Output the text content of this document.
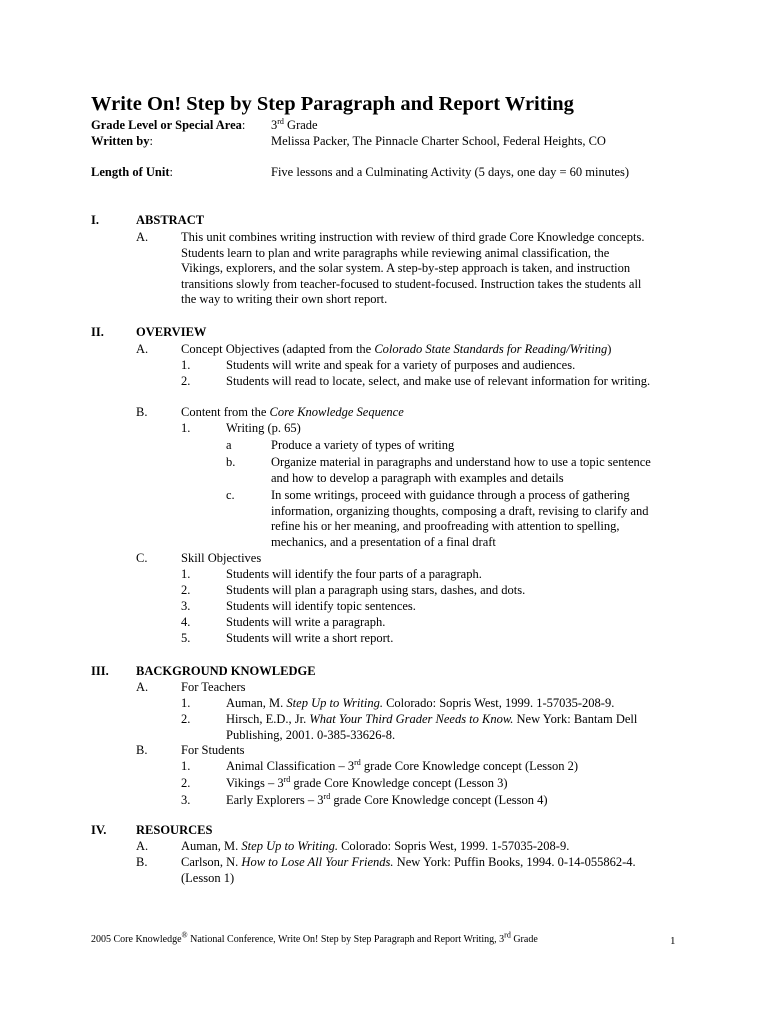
Write On! Step by Step Paragraph and Report Writing
Grade Level or Special Area: 3rd Grade
Written by:	Melissa Packer, The Pinnacle Charter School, Federal Heights, CO
Length of Unit:	Five lessons and a Culminating Activity (5 days, one day = 60 minutes)
I.	ABSTRACT
A.	This unit combines writing instruction with review of third grade Core Knowledge concepts. Students learn to plan and write paragraphs while reviewing animal classification, the Vikings, explorers, and the solar system. A step-by-step approach is taken, and instruction transitions slowly from teacher-focused to student-focused. Instruction takes the students all the way to writing their own short report.
II.	OVERVIEW
A.	Concept Objectives (adapted from the Colorado State Standards for Reading/Writing)
1.	Students will write and speak for a variety of purposes and audiences.
2.	Students will read to locate, select, and make use of relevant information for writing.
B.	Content from the Core Knowledge Sequence
1.	Writing (p. 65)
a	Produce a variety of types of writing
b.	Organize material in paragraphs and understand how to use a topic sentence and how to develop a paragraph with examples and details
c.	In some writings, proceed with guidance through a process of gathering information, organizing thoughts, composing a draft, revising to clarify and refine his or her meaning, and proofreading with attention to spelling, mechanics, and a presentation of a final draft
C.	Skill Objectives
1.	Students will identify the four parts of a paragraph.
2.	Students will plan a paragraph using stars, dashes, and dots.
3.	Students will identify topic sentences.
4.	Students will write a paragraph.
5.	Students will write a short report.
III. BACKGROUND KNOWLEDGE
A.	For Teachers
1.	Auman, M. Step Up to Writing. Colorado: Sopris West, 1999. 1-57035-208-9.
2.	Hirsch, E.D., Jr. What Your Third Grader Needs to Know. New York: Bantam Dell Publishing, 2001. 0-385-33626-8.
B.	For Students
1.	Animal Classification – 3rd grade Core Knowledge concept (Lesson 2)
2.	Vikings – 3rd grade Core Knowledge concept (Lesson 3)
3.	Early Explorers – 3rd grade Core Knowledge concept (Lesson 4)
IV. RESOURCES
A.	Auman, M. Step Up to Writing. Colorado: Sopris West, 1999. 1-57035-208-9.
B.	Carlson, N. How to Lose All Your Friends. New York: Puffin Books, 1994. 0-14-055862-4. (Lesson 1)
2005 Core Knowledge® National Conference, Write On! Step by Step Paragraph and Report Writing, 3rd Grade	1
